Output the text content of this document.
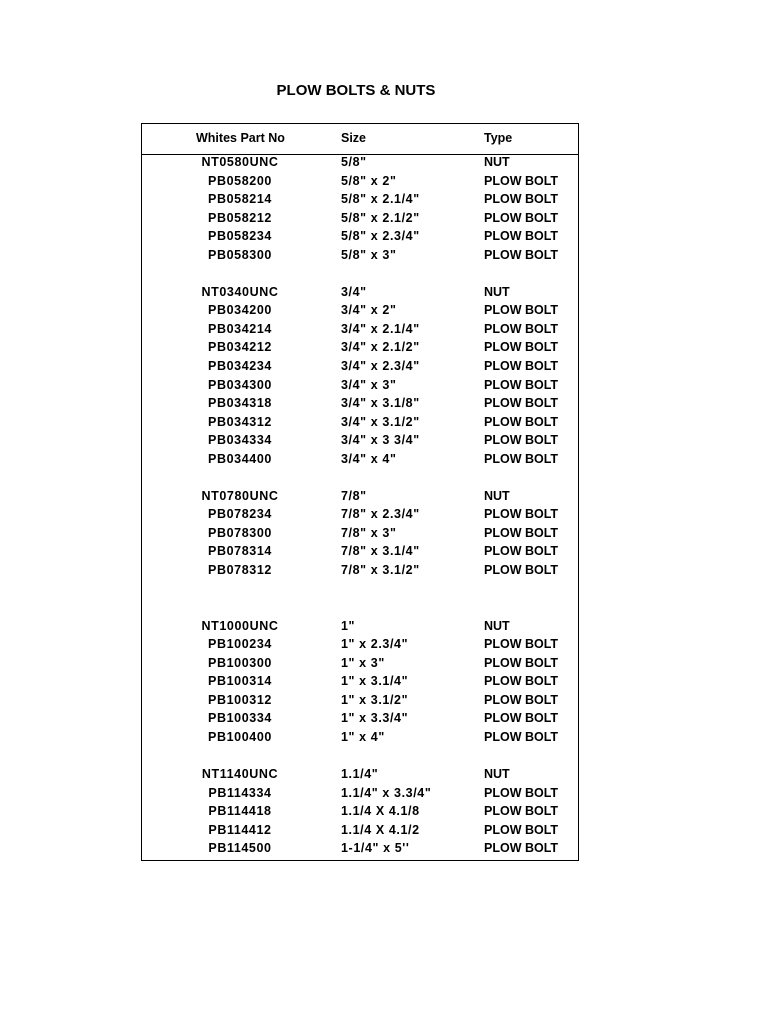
PLOW BOLTS & NUTS
Whites Part No	Size	Type
NT0580UNC	5/8"	NUT
PB058200	5/8" x 2"	PLOW BOLT
PB058214	5/8" x 2.1/4"	PLOW BOLT
PB058212	5/8" x 2.1/2"	PLOW BOLT
PB058234	5/8" x 2.3/4"	PLOW BOLT
PB058300	5/8" x 3"	PLOW BOLT
NT0340UNC	3/4"	NUT
PB034200	3/4" x 2"	PLOW BOLT
PB034214	3/4" x 2.1/4"	PLOW BOLT
PB034212	3/4" x 2.1/2"	PLOW BOLT
PB034234	3/4" x 2.3/4"	PLOW BOLT
PB034300	3/4" x 3"	PLOW BOLT
PB034318	3/4" x 3.1/8"	PLOW BOLT
PB034312	3/4" x 3.1/2"	PLOW BOLT
PB034334	3/4" x 3 3/4"	PLOW BOLT
PB034400	3/4" x 4"	PLOW BOLT
NT0780UNC	7/8"	NUT
PB078234	7/8" x 2.3/4"	PLOW BOLT
PB078300	7/8" x 3"	PLOW BOLT
PB078314	7/8" x 3.1/4"	PLOW BOLT
PB078312	7/8" x 3.1/2"	PLOW BOLT
NT1000UNC	1"	NUT
PB100234	1" x 2.3/4"	PLOW BOLT
PB100300	1" x 3"	PLOW BOLT
PB100314	1" x 3.1/4"	PLOW BOLT
PB100312	1" x 3.1/2"	PLOW BOLT
PB100334	1" x 3.3/4"	PLOW BOLT
PB100400	1" x 4"	PLOW BOLT
NT1140UNC	1.1/4"	NUT
PB114334	1.1/4" x 3.3/4"	PLOW BOLT
PB114418	1.1/4 X 4.1/8	PLOW BOLT
PB114412	1.1/4 X 4.1/2	PLOW BOLT
PB114500	1-1/4" x 5''	PLOW BOLT
